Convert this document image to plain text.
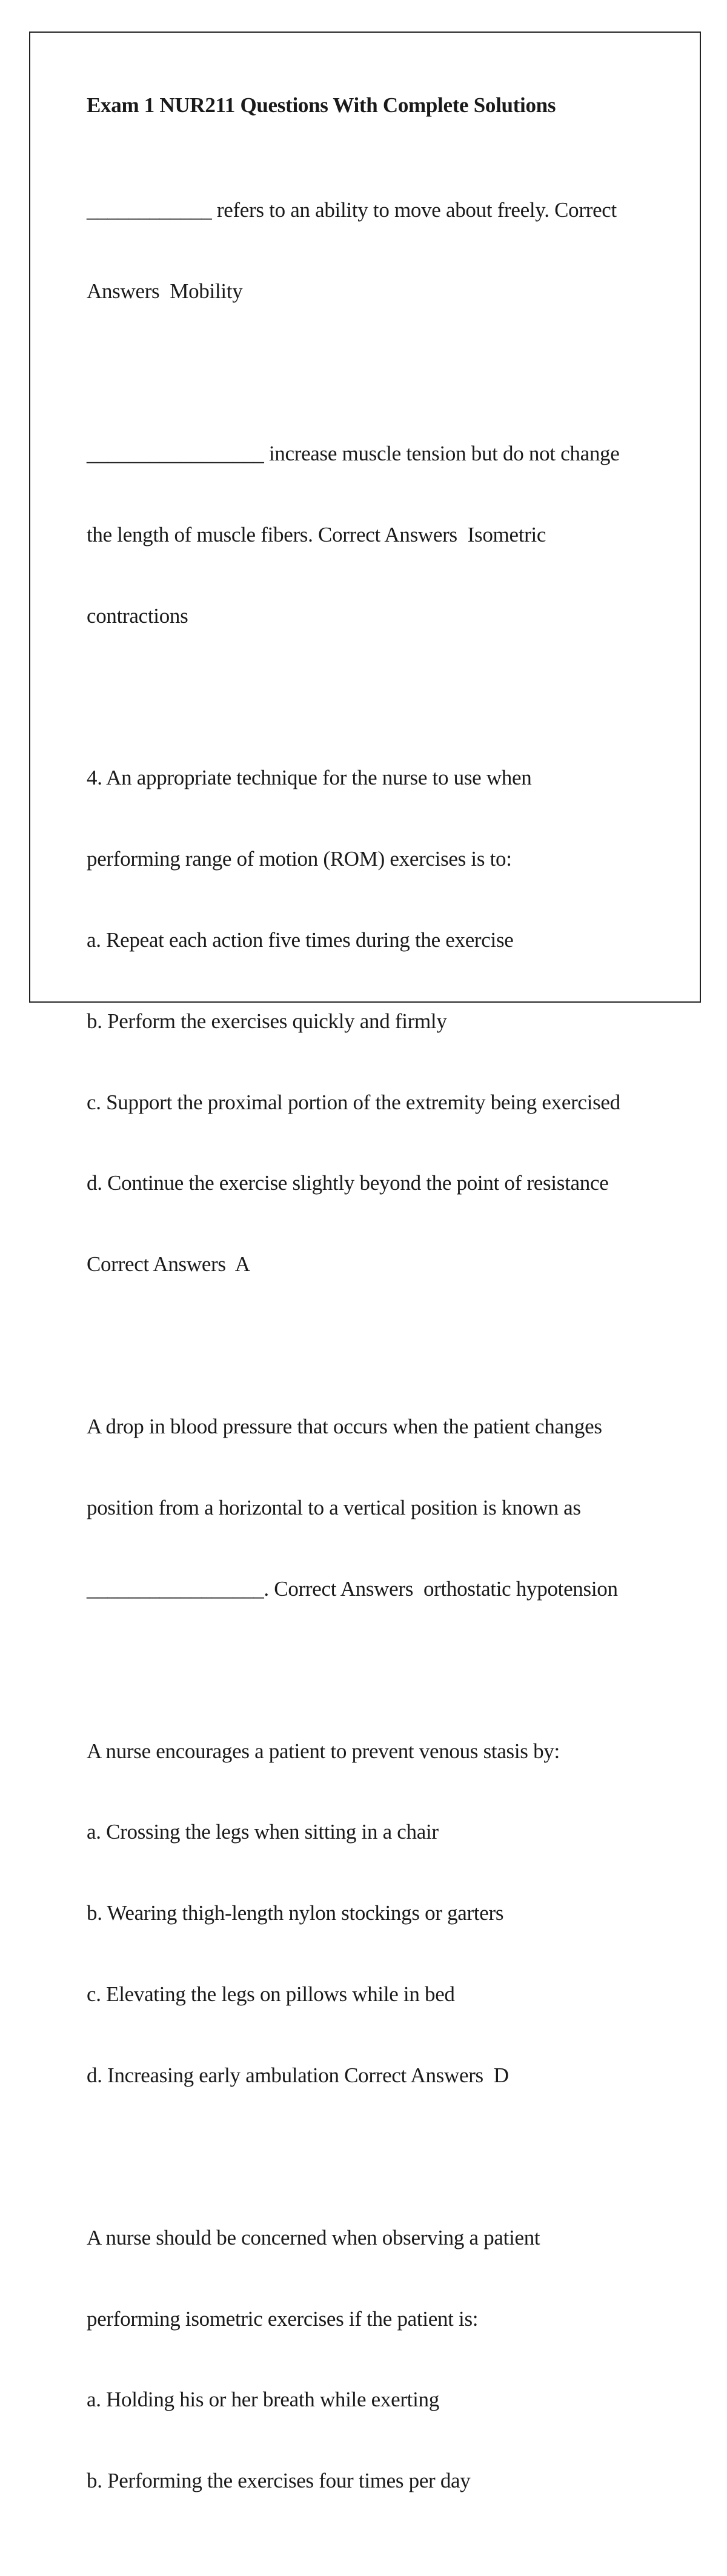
Exam 1 NUR211 Questions With Complete Solutions

____________ refers to an ability to move about freely. Correct

Answers  Mobility

_________________ increase muscle tension but do not change

the length of muscle fibers. Correct Answers  Isometric

contractions

4. An appropriate technique for the nurse to use when

performing range of motion (ROM) exercises is to:

a. Repeat each action five times during the exercise

b. Perform the exercises quickly and firmly

c. Support the proximal portion of the extremity being exercised

d. Continue the exercise slightly beyond the point of resistance

Correct Answers  A

A drop in blood pressure that occurs when the patient changes

position from a horizontal to a vertical position is known as

_________________. Correct Answers  orthostatic hypotension

A nurse encourages a patient to prevent venous stasis by:

a. Crossing the legs when sitting in a chair

b. Wearing thigh-length nylon stockings or garters

c. Elevating the legs on pillows while in bed

d. Increasing early ambulation Correct Answers  D

A nurse should be concerned when observing a patient

performing isometric exercises if the patient is:

a. Holding his or her breath while exerting

b. Performing the exercises four times per day
